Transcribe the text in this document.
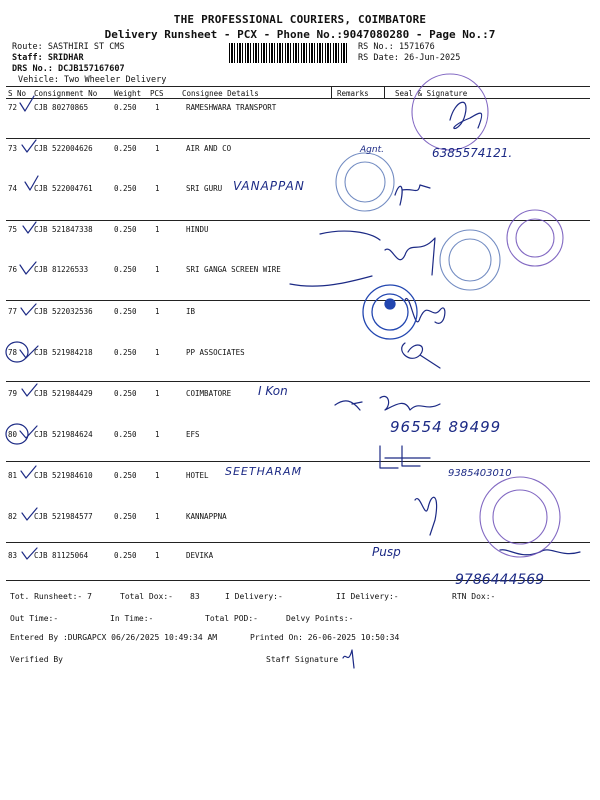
THE PROFESSIONAL COURIERS, COIMBATORE
Delivery Runsheet - PCX - Phone No.:9047080280 - Page No.:7
Route: SASTHIRI ST CMS
Staff: SRIDHAR
DRS No.: DCJB157167607
Vehicle: Two Wheeler Delivery
RS No.: 1571676
RS Date: 26-Jun-2025
S No Consignment No Weight PCS Consignee Details	Remarks	Seal & Signature
72 CJB 80270865	0.250 1	RAMESHWARA TRANSPORT
73 CJB 522004626	0.250 1	AIR AND CO
74 CJB 522004761	0.250 1	SRI GURU
75 CJB 521847338	0.250 1	HINDU
76 CJB 81226533	0.250 1	SRI GANGA SCREEN WIRE
77 CJB 522032536	0.250 1	IB
78 CJB 521984218	0.250 1	PP ASSOCIATES
79 CJB 521984429	0.250 1	COIMBATORE
80 CJB 521984624	0.250 1	EFS
81 CJB 521984610	0.250 1	HOTEL
82 CJB 521984577	0.250 1	KANNAPPNA
83 CJB 81125064	0.250 1	DEVIKA
Agnt.	6385574121.
VANAPPAN
I Kon
96554 89499
SEETHARAM	9385403010
Pusp
9786444569
Tot. Runsheet:- 7	Total Dox:- 83	I Delivery:-	II Delivery:-	RTN Dox:-
Out Time:-	In Time:-	Total POD:-	Delvy Points:-
Entered By :DURGAPCX 06/26/2025 10:49:34 AM	Printed On: 26-06-2025 10:50:34
Verified By	Staff Signature
